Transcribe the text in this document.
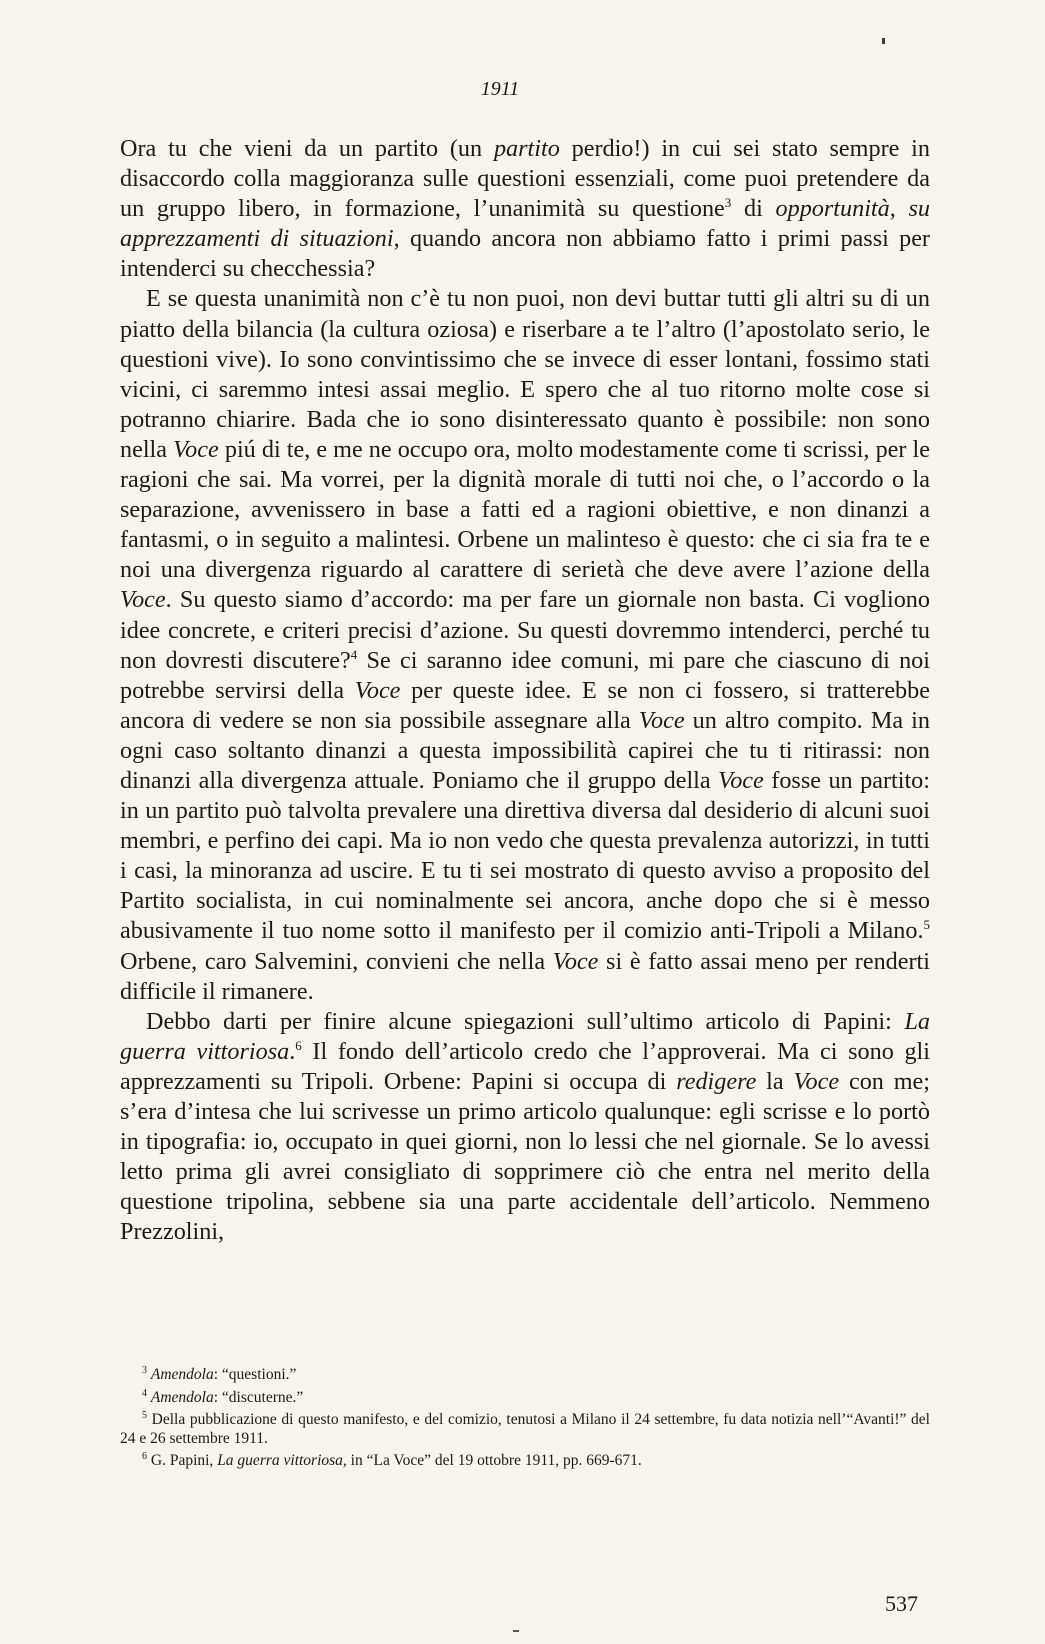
1911

Ora tu che vieni da un partito (un partito perdio!) in cui sei stato sempre in disaccordo colla maggioranza sulle questioni essenziali, come puoi pretendere da un gruppo libero, in formazione, l’unanimità su questione$^3$ di opportunità, su apprezzamenti di situazioni, quando ancora non abbiamo fatto i primi passi per intenderci su checchessia?

E se questa unanimità non c’è tu non puoi, non devi buttar tutti gli altri su di un piatto della bilancia (la cultura oziosa) e riserbare a te l’altro (l’apostolato serio, le questioni vive). Io sono convintissimo che se invece di esser lontani, fossimo stati vicini, ci saremmo intesi assai meglio. E spero che al tuo ritorno molte cose si potranno chiarire. Bada che io sono disinteressato quanto è possibile: non sono nella Voce piú di te, e me ne occupo ora, molto modestamente come ti scrissi, per le ragioni che sai. Ma vorrei, per la dignità morale di tutti noi che, o l’accordo o la separazione, avvenissero in base a fatti ed a ragioni obiettive, e non dinanzi a fantasmi, o in seguito a malintesi. Orbene un malinteso è questo: che ci sia fra te e noi una divergenza riguardo al carattere di serietà che deve avere l’azione della Voce. Su questo siamo d’accordo: ma per fare un giornale non basta. Ci vogliono idee concrete, e criteri precisi d’azione. Su questi dovremmo intenderci, perché tu non dovresti discutere?$^4$ Se ci saranno idee comuni, mi pare che ciascuno di noi potrebbe servirsi della Voce per queste idee. E se non ci fossero, si tratterebbe ancora di vedere se non sia possibile assegnare alla Voce un altro compito. Ma in ogni caso soltanto dinanzi a questa impossibilità capirei che tu ti ritirassi: non dinanzi alla divergenza attuale. Poniamo che il gruppo della Voce fosse un partito: in un partito può talvolta prevalere una direttiva diversa dal desiderio di alcuni suoi membri, e perfino dei capi. Ma io non vedo che questa prevalenza autorizzi, in tutti i casi, la minoranza ad uscire. E tu ti sei mostrato di questo avviso a proposito del Partito socialista, in cui nominalmente sei ancora, anche dopo che si è messo abusivamente il tuo nome sotto il manifesto per il comizio anti-Tripoli a Milano.$^5$ Orbene, caro Salvemini, convieni che nella Voce si è fatto assai meno per renderti difficile il rimanere.

Debbo darti per finire alcune spiegazioni sull’ultimo articolo di Papini: La guerra vittoriosa.$^6$ Il fondo dell’articolo credo che l’approverai. Ma ci sono gli apprezzamenti su Tripoli. Orbene: Papini si occupa di redigere la Voce con me; s’era d’intesa che lui scrivesse un primo articolo qualunque: egli scrisse e lo portò in tipografia: io, occupato in quei giorni, non lo lessi che nel giornale. Se lo avessi letto prima gli avrei consigliato di sopprimere ciò che entra nel merito della questione tripolina, sebbene sia una parte accidentale dell’articolo. Nemmeno Prezzolini,

$^3$ Amendola: “questioni.”

$^4$ Amendola: “discuterne.”

$^5$ Della pubblicazione di questo manifesto, e del comizio, tenutosi a Milano il 24 settembre, fu data notizia nell’“Avanti!” del 24 e 26 settembre 1911.

$^6$ G. Papini, La guerra vittoriosa, in “La Voce” del 19 ottobre 1911, pp. 669-671.

537
